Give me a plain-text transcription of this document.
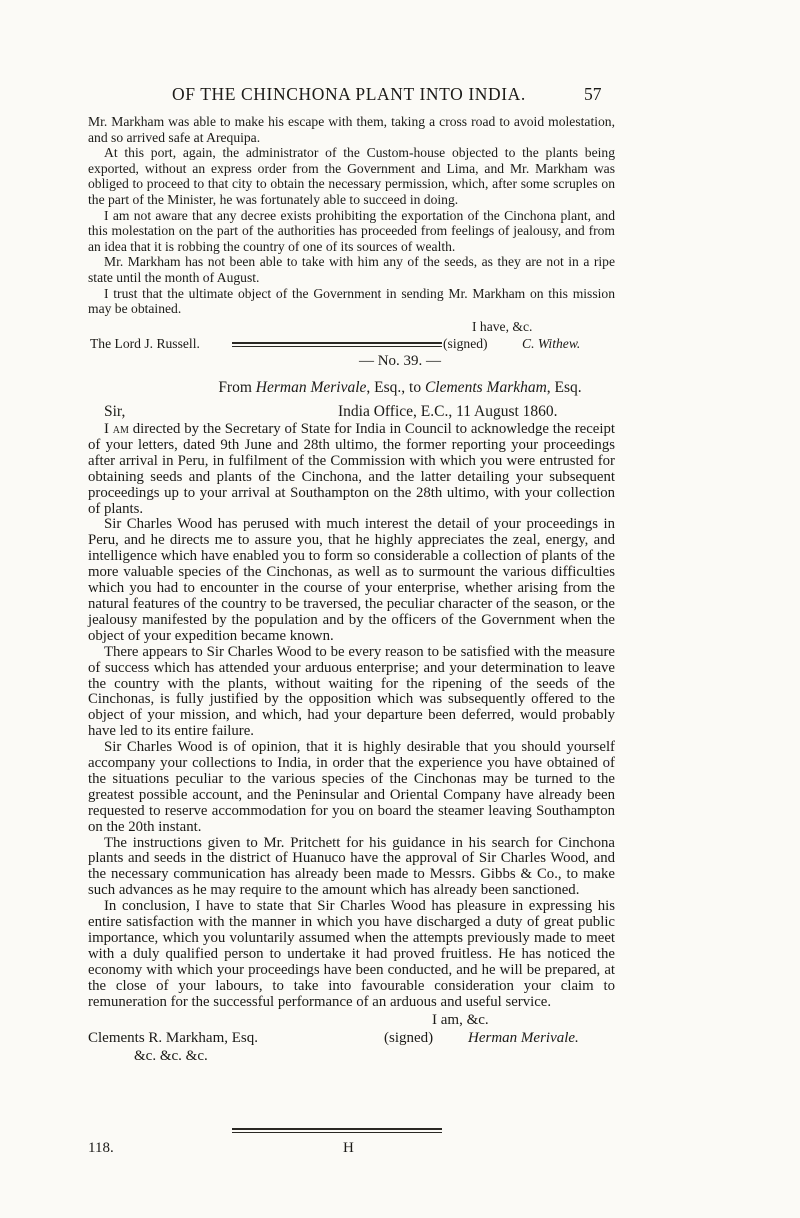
OF THE CHINCHONA PLANT INTO INDIA.	57

Mr. Markham was able to make his escape with them, taking a cross road to avoid molestation, and so arrived safe at Arequipa.

At this port, again, the administrator of the Custom-house objected to the plants being exported, without an express order from the Government and Lima, and Mr. Markham was obliged to proceed to that city to obtain the necessary permission, which, after some scruples on the part of the Minister, he was fortunately able to succeed in doing.

I am not aware that any decree exists prohibiting the exportation of the Cinchona plant, and this molestation on the part of the authorities has proceeded from feelings of jealousy, and from an idea that it is robbing the country of one of its sources of wealth.

Mr. Markham has not been able to take with him any of the seeds, as they are not in a ripe state until the month of August.

I trust that the ultimate object of the Government in sending Mr. Markham on this mission may be obtained.

I have, &c.
The Lord J. Russell.	(signed)	C. Withew.
— No. 39. —
From Herman Merivale, Esq., to Clements Markham, Esq.
Sir,	India Office, E.C., 11 August 1860.

I am directed by the Secretary of State for India in Council to acknowledge the receipt of your letters, dated 9th June and 28th ultimo, the former reporting your proceedings after arrival in Peru, in fulfilment of the Commission with which you were entrusted for obtaining seeds and plants of the Cinchona, and the latter detailing your subsequent proceedings up to your arrival at Southampton on the 28th ultimo, with your collection of plants.

Sir Charles Wood has perused with much interest the detail of your proceedings in Peru, and he directs me to assure you, that he highly appreciates the zeal, energy, and intelligence which have enabled you to form so considerable a collection of plants of the more valuable species of the Cinchonas, as well as to surmount the various difficulties which you had to encounter in the course of your enterprise, whether arising from the natural features of the country to be traversed, the peculiar character of the season, or the jealousy manifested by the population and by the officers of the Government when the object of your expedition became known.

There appears to Sir Charles Wood to be every reason to be satisfied with the measure of success which has attended your arduous enterprise; and your determination to leave the country with the plants, without waiting for the ripening of the seeds of the Cinchonas, is fully justified by the opposition which was subsequently offered to the object of your mission, and which, had your departure been deferred, would probably have led to its entire failure.

Sir Charles Wood is of opinion, that it is highly desirable that you should yourself accompany your collections to India, in order that the experience you have obtained of the situations peculiar to the various species of the Cinchonas may be turned to the greatest possible account, and the Peninsular and Oriental Company have already been requested to reserve accommodation for you on board the steamer leaving Southampton on the 20th instant.

The instructions given to Mr. Pritchett for his guidance in his search for Cinchona plants and seeds in the district of Huanuco have the approval of Sir Charles Wood, and the necessary communication has already been made to Messrs. Gibbs & Co., to make such advances as he may require to the amount which has already been sanctioned.

In conclusion, I have to state that Sir Charles Wood has pleasure in expressing his entire satisfaction with the manner in which you have discharged a duty of great public importance, which you voluntarily assumed when the attempts previously made to meet with a duly qualified person to undertake it had proved fruitless. He has noticed the economy with which your proceedings have been conducted, and he will be prepared, at the close of your labours, to take into favourable consideration your claim to remuneration for the successful performance of an arduous and useful service.

I am, &c.
Clements R. Markham, Esq.	(signed) Herman Merivale.
&c. &c. &c.
118.	H
